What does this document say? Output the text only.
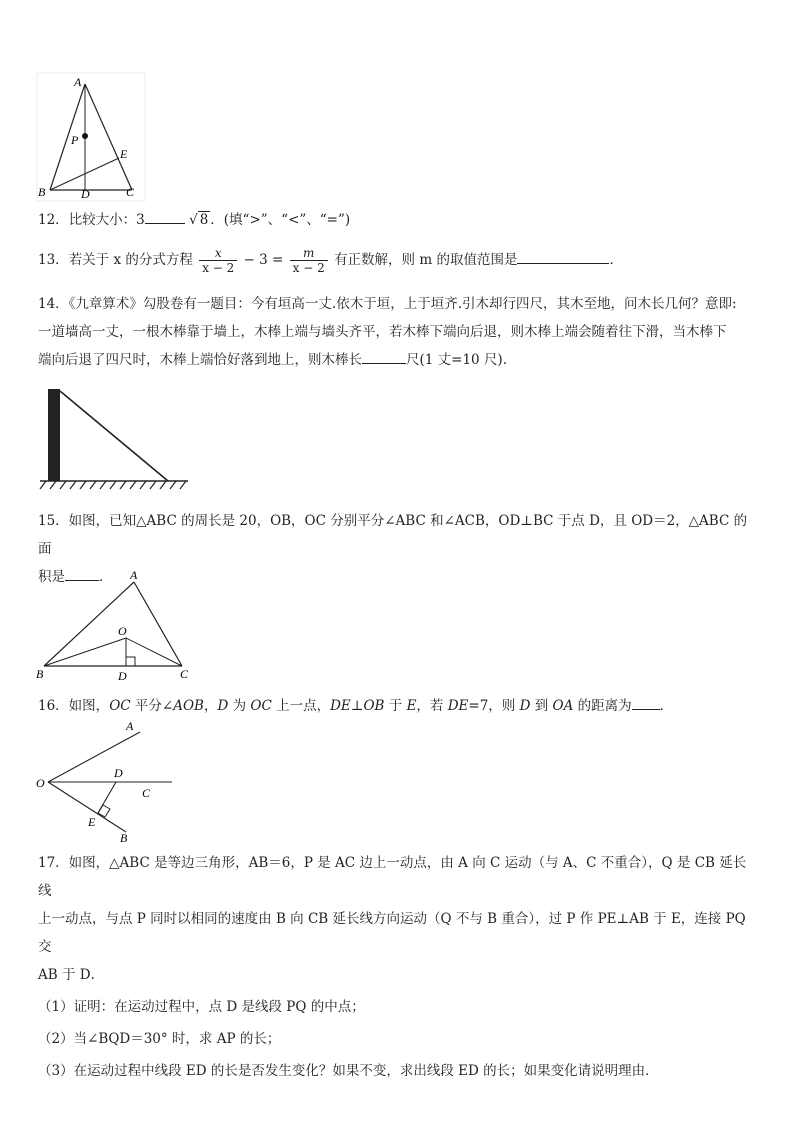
A
P
E
B	D	C
12．比较大小：3	√ 8 ．(填“>”、“<”、“=”)
13．若关于 x 的分式方程 $\frac{x}{x - 2} - 3 = \frac{m}{x - 2}$ 有正数解，则 m 的取值范围是	．
14．《九章算术》勾股卷有一题目：今有垣高一丈.依木于垣，上于垣齐.引木却行四尺，其木至地，问木长几何？意即:
一道墙高一丈，一根木棒靠于墙上，木棒上端与墙头齐平，若木棒下端向后退，则木棒上端会随着往下滑，当木棒下
端向后退了四尺时，木棒上端恰好落到地上，则木棒长	尺(1 丈=10 尺).
15．如图，已知△ABC 的周长是 20，OB，OC 分别平分∠ABC 和∠ACB，OD⊥BC 于点 D，且 OD＝2，△ABC 的面
积是	．	A
O
B	D	C
16．如图，OC 平分∠AOB，D 为 OC 上一点，DE⊥OB 于 E，若 DE=7，则 D 到 OA 的距离为 ．
A
O
D
C
E
B
17．如图，△ABC 是等边三角形，AB＝6，P 是 AC 边上一动点，由 A 向 C 运动（与 A、C 不重合），Q 是 CB 延长线
上一动点，与点 P 同时以相同的速度由 B 向 CB 延长线方向运动（Q 不与 B 重合），过 P 作 PE⊥AB 于 E，连接 PQ 交
AB 于 D．
（1）证明：在运动过程中，点 D 是线段 PQ 的中点；
（2）当∠BQD＝30° 时，求 AP 的长；
（3）在运动过程中线段 ED 的长是否发生变化？如果不变，求出线段 ED 的长；如果变化请说明理由．
